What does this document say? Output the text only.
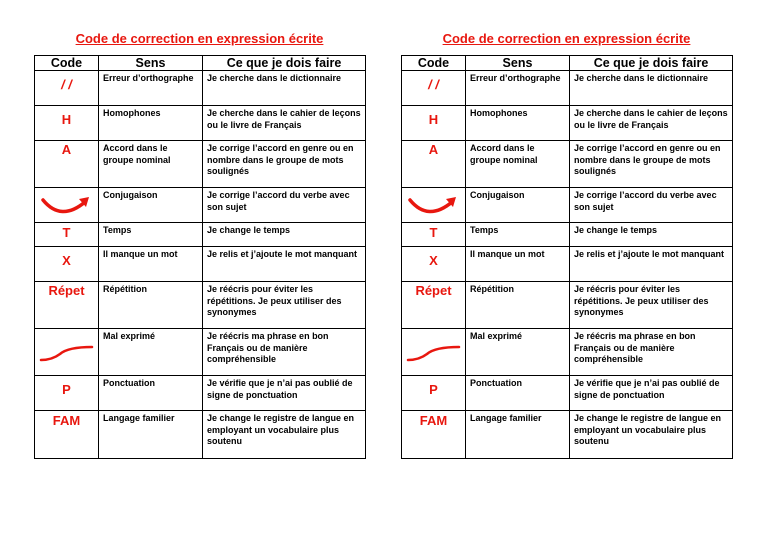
Code de correction en expression écrite
Code	Sens	Ce que je dois faire

/ /	Erreur d’orthographe	Je cherche dans le dictionnaire

H	Homophones	Je cherche dans le cahier de leçons ou le livre de Français

A	Accord dans le groupe nominal	Je corrige l’accord en genre ou en nombre dans le groupe de mots soulignés

	Conjugaison	Je corrige l’accord du verbe avec son sujet

T	Temps	Je change le temps

X	Il manque un mot	Je relis et j’ajoute le mot manquant

Répet	Répétition	Je réécris pour éviter les répétitions. Je peux utiliser des synonymes

	Mal exprimé	Je réécris ma phrase en bon Français ou de manière compréhensible

P	Ponctuation	Je vérifie que je n’ai pas oublié de signe de ponctuation

FAM	Langage familier	Je change le registre de langue en employant un vocabulaire plus soutenu
Code de correction en expression écrite
Code	Sens	Ce que je dois faire

/ /	Erreur d’orthographe	Je cherche dans le dictionnaire

H	Homophones	Je cherche dans le cahier de leçons ou le livre de Français

A	Accord dans le groupe nominal	Je corrige l’accord en genre ou en nombre dans le groupe de mots soulignés

	Conjugaison	Je corrige l’accord du verbe avec son sujet

T	Temps	Je change le temps

X	Il manque un mot	Je relis et j’ajoute le mot manquant

Répet	Répétition	Je réécris pour éviter les répétitions. Je peux utiliser des synonymes

	Mal exprimé	Je réécris ma phrase en bon Français ou de manière compréhensible

P	Ponctuation	Je vérifie que je n’ai pas oublié de signe de ponctuation

FAM	Langage familier	Je change le registre de langue en employant un vocabulaire plus soutenu
